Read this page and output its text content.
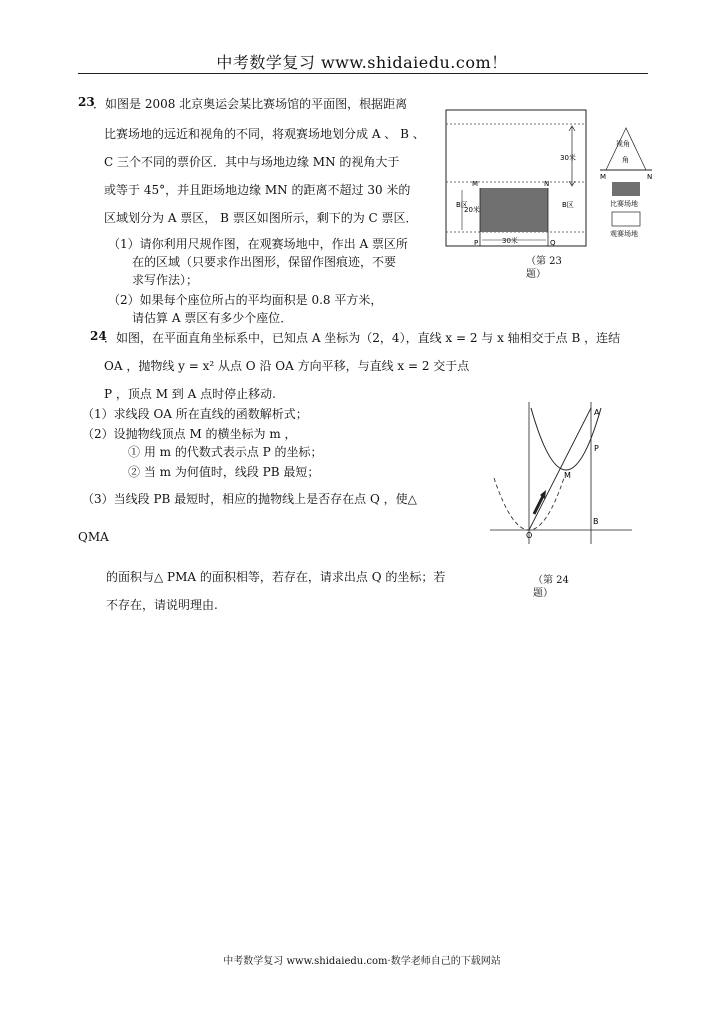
中考数学复习 www.shidaiedu.com！
23
．如图是 2008 北京奥运会某比赛场馆的平面图，根据距离
比赛场地的远近和视角的不同，将观赛场地划分成 A 、 B 、
C 三个不同的票价区．其中与场地边缘 MN 的视角大于
或等于 45°，并且距场地边缘 MN 的距离不超过 30 米的
区域划分为 A 票区， B 票区如图所示，剩下的为 C 票区．
（1）请你利用尺规作图，在观赛场地中，作出 A 票区所
在的区域（只要求作出图形，保留作图痕迹，不要
求写作法）；
（2）如果每个座位所占的平均面积是 0.8 平方米，
请估算 A 票区有多少个座位．
30米
20米
30米
M	N
P	Q
B区	B区
视角
角
M	N
比赛场地
观赛场地
（第 23
题）
24
．如图，在平面直角坐标系中，已知点 A 坐标为（2，4），直线 x = 2 与 x 轴相交于点 B ，连结
OA ，抛物线 y = x² 从点 O 沿 OA 方向平移，与直线 x = 2 交于点
P ，顶点 M 到 A 点时停止移动.
（1）求线段 OA 所在直线的函数解析式；
（2）设抛物线顶点 M 的横坐标为 m ，
① 用 m 的代数式表示点 P 的坐标；
② 当 m 为何值时，线段 PB 最短；
（3）当线段 PB 最短时，相应的抛物线上是否存在点 Q ，使△
QMA
的面积与△ PMA 的面积相等，若存在，请求出点 Q 的坐标；若
不存在，请说明理由.
A
P
M
B
O
（第 24
题）
中考数学复习 www.shidaiedu.com·数学老师自己的下载网站
